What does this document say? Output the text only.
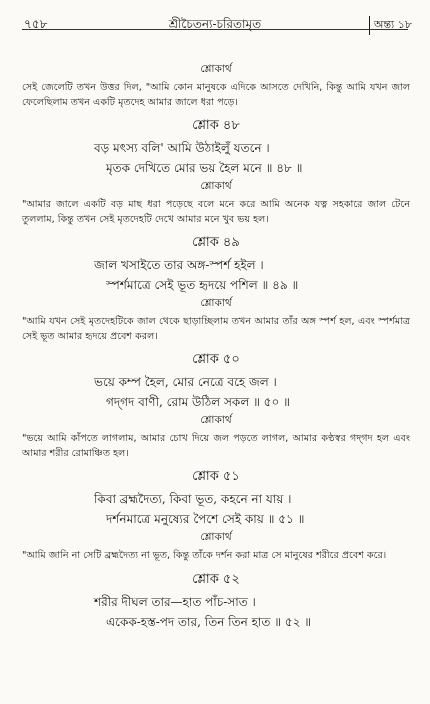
৭৫৮	শ্রীচৈতন্য-চরিতামৃত	অন্ত্য ১৮
শ্লোকার্থ

সেই জেলেটি তখন উত্তর দিল, "আমি কোন মানুষকে এদিকে আসতে দেখিনি, কিন্তু আমি যখন জাল ফেলেছিলাম তখন একটি মৃতদেহ আমার জালে ধরা পড়ে।

শ্লোক ৪৮

বড় মৎস্য বলি' আমি উঠাইলুঁ যতনে ।

মৃতক দেখিতে মোর ভয় হৈল মনে ॥ ৪৮ ॥

শ্লোকার্থ

"আমার জালে একটি বড় মাছ ধরা পড়েছে বলে মনে করে আমি অনেক যত্ন সহকারে জাল টেনে তুললাম, কিন্তু তখন সেই মৃতদেহটি দেখে আমার মনে খুব ভয় হল।

শ্লোক ৪৯

জাল খসাইতে তার অঙ্গ-স্পর্শ হইল ।

স্পর্শমাত্রে সেই ভূত হৃদয়ে পশিল ॥ ৪৯ ॥

শ্লোকার্থ

"আমি যখন সেই মৃতদেহটিকে জাল থেকে ছাড়াচ্ছিলাম তখন আমার তাঁর অঙ্গ স্পর্শ হল, এবং স্পর্শমাত্র সেই ভূত আমার হৃদয়ে প্রবেশ করল।

শ্লোক ৫০

ভয়ে কম্প হৈল, মোর নেত্রে বহে জল ।

গদ্‌গদ বাণী, রোম উঠিল সকল ॥ ৫০ ॥

শ্লোকার্থ

"ভয়ে আমি কাঁপতে লাগলাম, আমার চোখ দিয়ে জল পড়তে লাগল, আমার কণ্ঠস্বর গদ্‌গদ হল এবং আমার শরীর রোমাঞ্চিত হল।

শ্লোক ৫১

কিবা ব্রহ্মদৈত্য, কিবা ভূত, কহনে না যায় ।

দর্শনমাত্রে মনুষ্যের পৈশে সেই কায় ॥ ৫১ ॥

শ্লোকার্থ

"আমি জানি না সেটি ব্রহ্মদৈত্য না ভূত, কিন্তু তাঁকে দর্শন করা মাত্র সে মানুষের শরীরে প্রবেশ করে।

শ্লোক ৫২

শরীর দীঘল তার—হাত পাঁচ-সাত ।

একেক-হস্ত-পদ তার, তিন তিন হাত ॥ ৫২ ॥
